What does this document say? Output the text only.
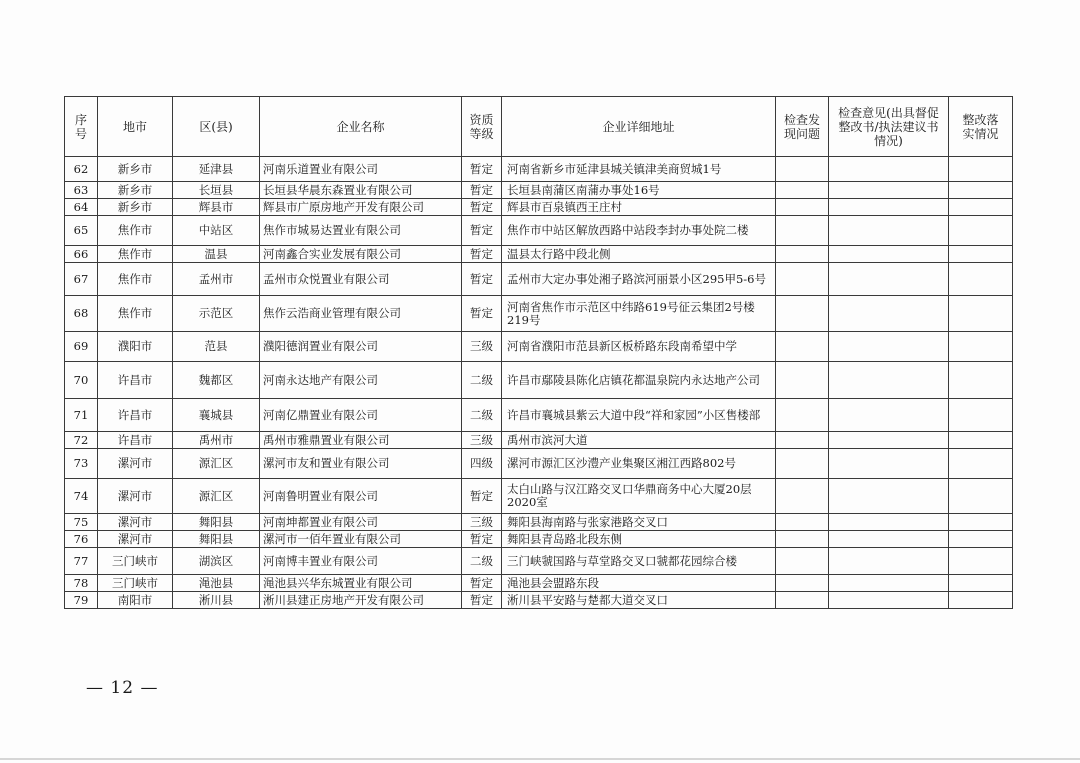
序号	地市	区(县)	企业名称	资质等级	企业详细地址	检查发现问题	检查意见(出具督促整改书/执法建议书情况)	整改落实情况
62	新乡市	延津县	河南乐道置业有限公司	暂定	河南省新乡市延津县城关镇津美商贸城1号			
63	新乡市	长垣县	长垣县华晨东森置业有限公司	暂定	长垣县南蒲区南蒲办事处16号			
64	新乡市	辉县市	辉县市广原房地产开发有限公司	暂定	辉县市百泉镇西王庄村			
65	焦作市	中站区	焦作市城易达置业有限公司	暂定	焦作市中站区解放西路中站段李封办事处院二楼			
66	焦作市	温县	河南鑫合实业发展有限公司	暂定	温县太行路中段北侧			
67	焦作市	孟州市	孟州市众悦置业有限公司	暂定	孟州市大定办事处湘子路滨河丽景小区295甲5-6号			
68	焦作市	示范区	焦作云浩商业管理有限公司	暂定	河南省焦作市示范区中纬路619号征云集团2号楼219号			
69	濮阳市	范县	濮阳德润置业有限公司	三级	河南省濮阳市范县新区板桥路东段南希望中学			
70	许昌市	魏都区	河南永达地产有限公司	二级	许昌市鄢陵县陈化店镇花都温泉院内永达地产公司			
71	许昌市	襄城县	河南亿鼎置业有限公司	二级	许昌市襄城县紫云大道中段“祥和家园”小区售楼部			
72	许昌市	禹州市	禹州市雅鼎置业有限公司	三级	禹州市滨河大道			
73	漯河市	源汇区	漯河市友和置业有限公司	四级	漯河市源汇区沙澧产业集聚区湘江西路802号			
74	漯河市	源汇区	河南鲁明置业有限公司	暂定	太白山路与汉江路交叉口华鼎商务中心大厦20层2020室			
75	漯河市	舞阳县	河南坤都置业有限公司	三级	舞阳县海南路与张家港路交叉口			
76	漯河市	舞阳县	漯河市一佰年置业有限公司	暂定	舞阳县青岛路北段东侧			
77	三门峡市	湖滨区	河南博丰置业有限公司	二级	三门峡虢国路与草堂路交叉口虢都花园综合楼			
78	三门峡市	渑池县	渑池县兴华东城置业有限公司	暂定	渑池县会盟路东段			
79	南阳市	淅川县	淅川县建正房地产开发有限公司	暂定	淅川县平安路与楚都大道交叉口			
— 12 —
